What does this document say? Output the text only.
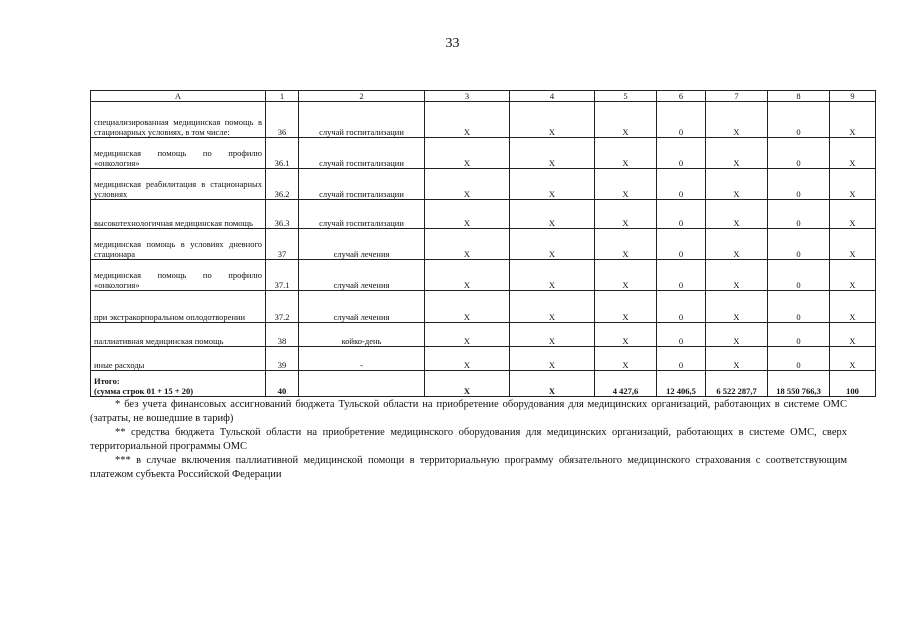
33
А	1	2	3	4	5	6	7	8	9
специализированная медицинская помощь в стационарных условиях, в том числе:	36	случай госпитализации	Х	Х	Х	0	Х	0	Х
медицинская помощь по профилю «онкология»	36.1	случай госпитализации	Х	Х	Х	0	Х	0	Х
медицинская реабилитация в стационарных условиях	36.2	случай госпитализации	Х	Х	Х	0	Х	0	Х
высокотехнологичная медицинская помощь	36.3	случай госпитализации	Х	Х	Х	0	Х	0	Х
медицинская помощь в условиях дневного стационара	37	случай лечения	Х	Х	Х	0	Х	0	Х
медицинская помощь по профилю «онкология»	37.1	случай лечения	Х	Х	Х	0	Х	0	Х
при экстракорпоральном оплодотворении	37.2	случай лечения	Х	Х	Х	0	Х	0	Х
паллиативная медицинская помощь	38	койко-день	Х	Х	Х	0	Х	0	Х
иные расходы	39	-	Х	Х	Х	0	Х	0	Х

Итого:
(сумма строк 01 + 15 + 20)	40		Х	Х	4 427,6	12 406,5	6 522 287,7	18 550 766,3	100

* без учета финансовых ассигнований бюджета Тульской области на приобретение оборудования для медицинских организаций, работающих в системе ОМС (затраты, не вошедшие в тариф)

** средства бюджета Тульской области на приобретение медицинского оборудования для медицинских организаций, работающих в системе ОМС, сверх территориальной программы ОМС

*** в случае включения паллиативной медицинской помощи в территориальную программу обязательного медицинского страхования с соответствующим платежом субъекта Российской Федерации
